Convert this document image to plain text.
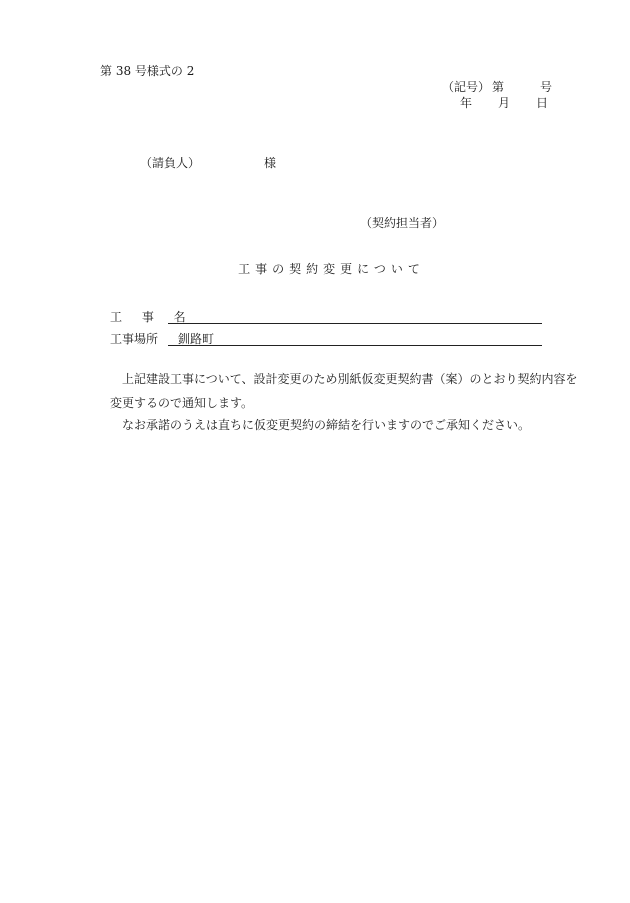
第 38 号様式の 2
（記号） 第	号
年 月 日
（請負人）	様
（契約担当者）
工事の契約変更について
工 事 名
工事場所 釧路町
上記建設工事について、設計変更のため別紙仮変更契約書（案）のとおり契約内容を
変更するので通知します。
なお承諾のうえは直ちに仮変更契約の締結を行いますのでご承知ください。
